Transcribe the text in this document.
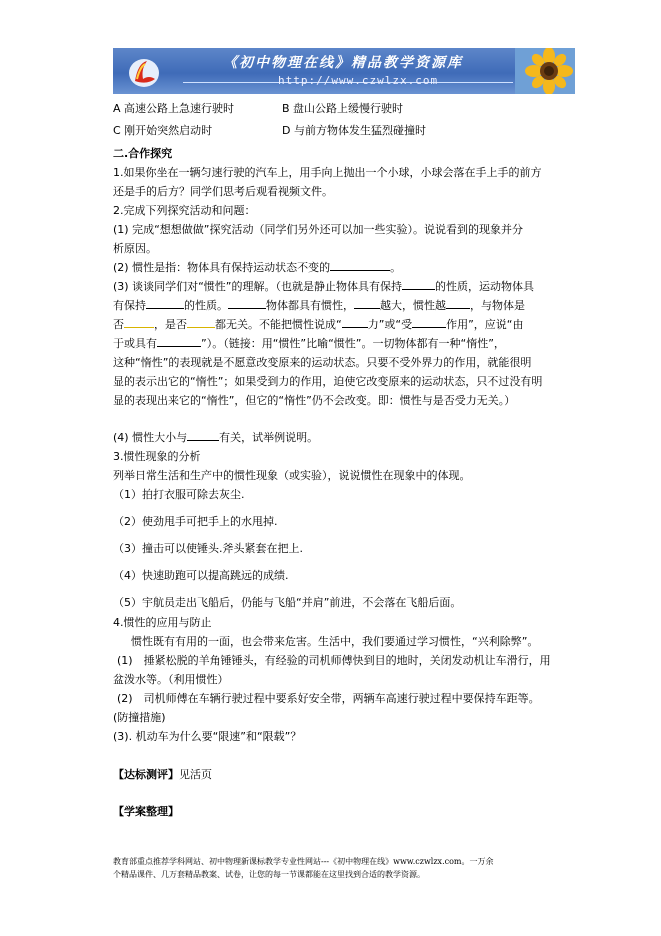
《初中物理在线》精品教学资源库
http://www.czwlzx.com
A 高速公路上急速行驶时	B 盘山公路上缓慢行驶时
C 刚开始突然启动时	D 与前方物体发生猛烈碰撞时
二.合作探究
1.如果你坐在一辆匀速行驶的汽车上，用手向上抛出一个小球，小球会落在手上手的前方
还是手的后方？同学们思考后观看视频文件。
2.完成下列探究活动和问题：
(1) 完成“想想做做”探究活动（同学们另外还可以加一些实验）。说说看到的现象并分
析原因。
(2) 惯性是指：物体具有保持运动状态不变的	。
(3) 谈谈同学们对“惯性”的理解。（也就是静止物体具有保持	的性质，运动物体具
有保持	的性质。	物体都具有惯性， 越大，惯性越 ，与物体是
否	，是否	都无关。不能把惯性说成“ 力”或“受	作用”，应说“由
于或具有	”）。（链接：用“惯性”比喻“惯性”。一切物体都有一种“惰性”，
这种“惰性”的表现就是不愿意改变原来的运动状态。只要不受外界力的作用，就能很明
显的表示出它的“惰性”；如果受到力的作用，迫使它改变原来的运动状态，只不过没有明
显的表现出来它的“惰性”，但它的“惰性”仍不会改变。即：惯性与是否受力无关。）
(4) 惯性大小与	有关，试举例说明。
3.惯性现象的分析
列举日常生活和生产中的惯性现象（或实验），说说惯性在现象中的体现。
（1）拍打衣服可除去灰尘.
（2）使劲甩手可把手上的水甩掉.
（3）撞击可以使锤头.斧头紧套在把上.
（4）快速助跑可以提高跳远的成绩.
（5）宇航员走出飞船后，仍能与飞船“并肩”前进，不会落在飞船后面。
4.惯性的应用与防止
惯性既有有用的一面，也会带来危害。生活中，我们要通过学习惯性，“兴利除弊”。
(1)　捶紧松脱的羊角锤锤头，有经验的司机师傅快到目的地时，关闭发动机让车滑行，用
盆泼水等。（利用惯性）
(2)　司机师傅在车辆行驶过程中要系好安全带，两辆车高速行驶过程中要保持车距等。
(防撞措施)
(3). 机动车为什么要“限速”和“限载”？
【达标测评】见活页
【学案整理】
教育部重点推荐学科网站、初中物理新课标教学专业性网站---《初中物理在线》www.czwlzx.com。一万余
个精品课件、几万套精品教案、试卷，让您的每一节课都能在这里找到合适的教学资源。
